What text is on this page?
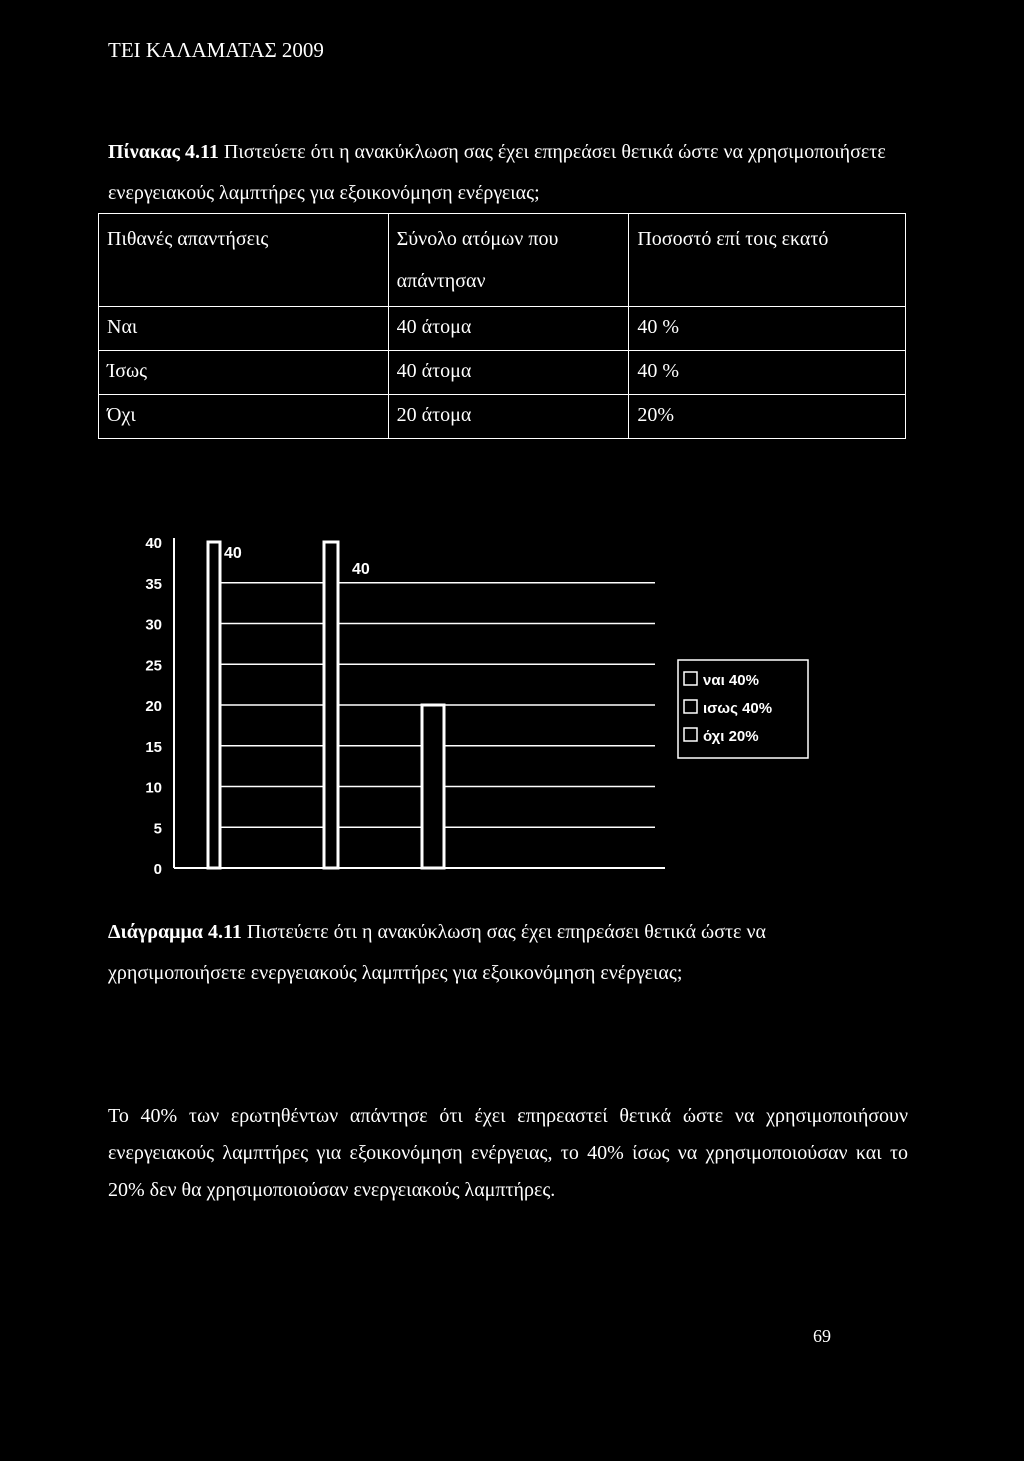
ΤΕΙ ΚΑΛΑΜΑΤΑΣ 2009
Πίνακας 4.11 Πιστεύετε ότι η ανακύκλωση σας έχει επηρεάσει θετικά ώστε να χρησιμοποιήσετε ενεργειακούς λαμπτήρες για εξοικονόμηση ενέργειας;
Πιθανές απαντήσεις	Σύνολο ατόμων που απάντησαν	Ποσοστό επί τοις εκατό
Ναι	40 άτομα	40 %
Ίσως	40 άτομα	40 %
Όχι	20 άτομα	20%
40
35
30
25
20
15
10
5
0
40
40
ναι 40%
ισως 40%
όχι 20%
Διάγραμμα 4.11 Πιστεύετε ότι η ανακύκλωση σας έχει επηρεάσει θετικά ώστε να χρησιμοποιήσετε ενεργειακούς λαμπτήρες για εξοικονόμηση ενέργειας;
Το 40% των ερωτηθέντων απάντησε ότι έχει επηρεαστεί θετικά ώστε να χρησιμοποιήσουν ενεργειακούς λαμπτήρες για εξοικονόμηση ενέργειας, το 40% ίσως να χρησιμοποιούσαν και το 20% δεν θα χρησιμοποιούσαν ενεργειακούς λαμπτήρες.
69
